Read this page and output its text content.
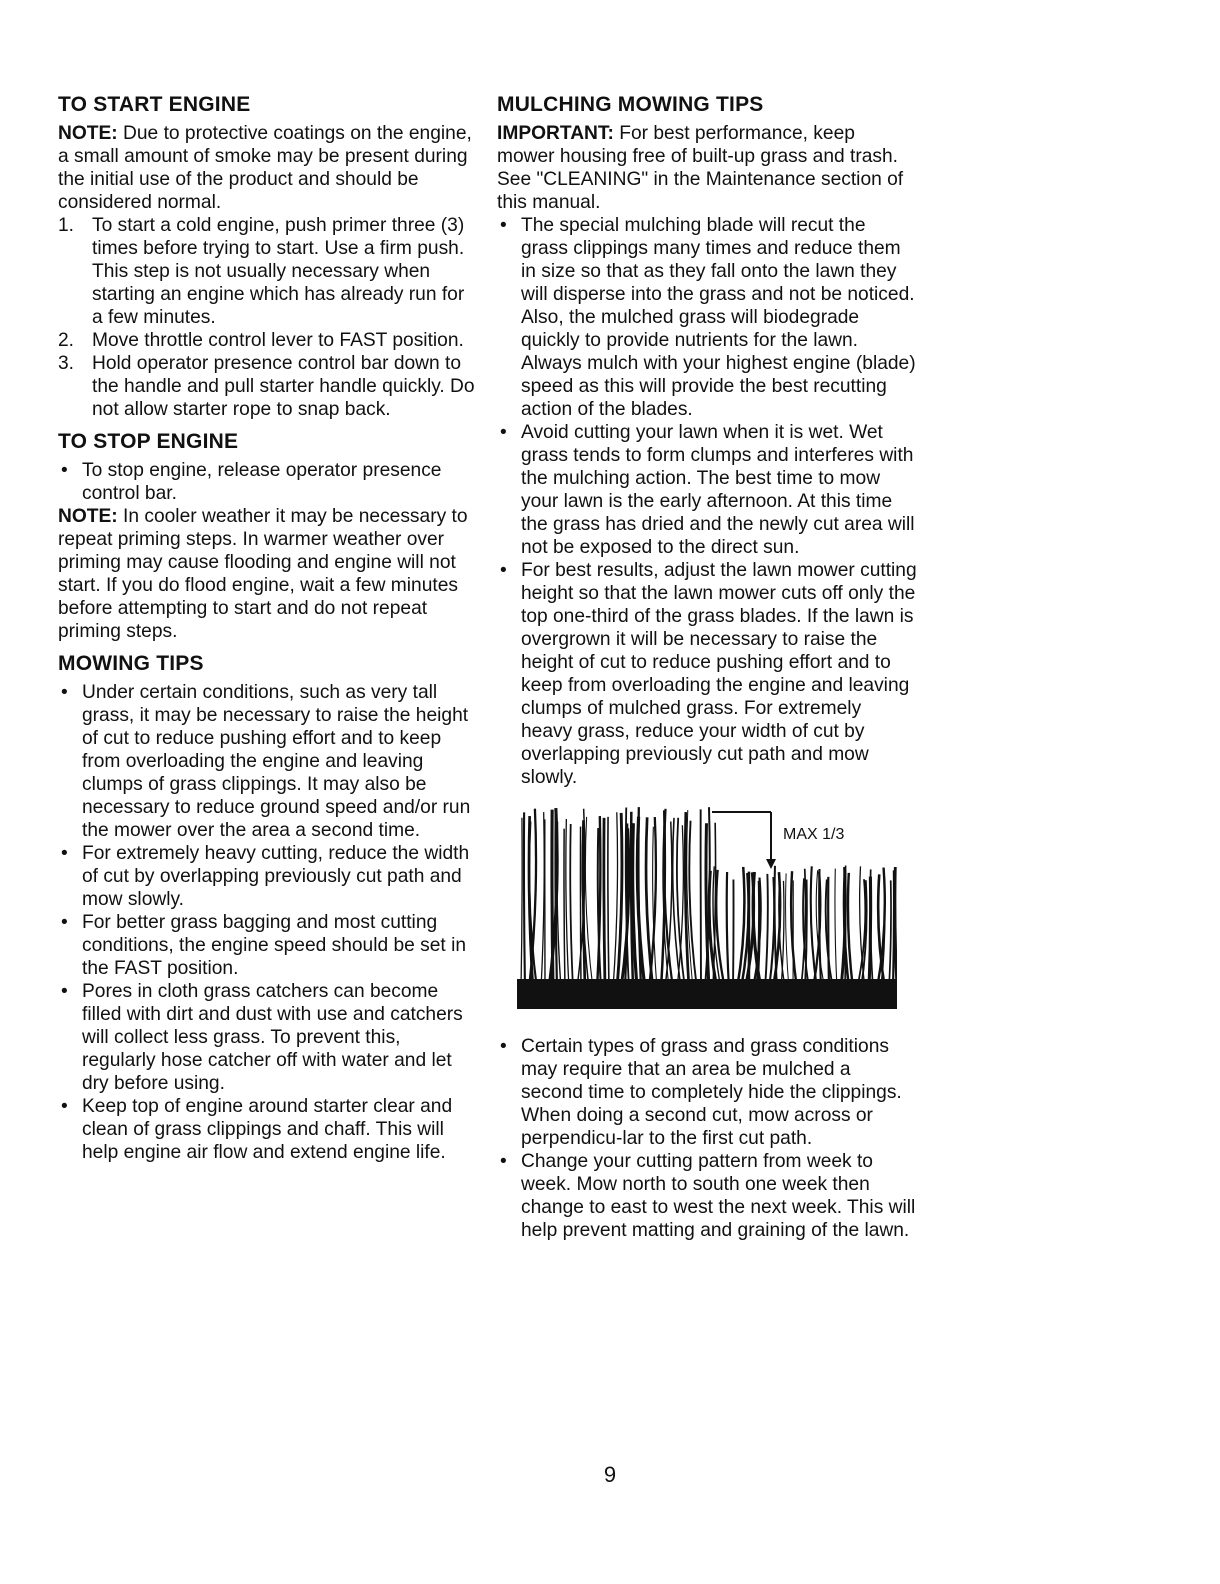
TO START ENGINE

NOTE: Due to protective coatings on the engine, a small amount of smoke may be present during the initial use of the product and should be considered normal.

1. To start a cold engine, push primer three (3) times before trying to start. Use a firm push. This step is not usually necessary when starting an engine which has already run for a few minutes.
2. Move throttle control lever to FAST position.
3. Hold operator presence control bar down to the handle and pull starter handle quickly. Do not allow starter rope to snap back.
TO STOP ENGINE
• To stop engine, release operator presence control bar.

NOTE: In cooler weather it may be necessary to repeat priming steps. In warmer weather over priming may cause flooding and engine will not start. If you do flood engine, wait a few minutes before attempting to start and do not repeat priming steps.

MOWING TIPS
• Under certain conditions, such as very tall grass, it may be necessary to raise the height of cut to reduce pushing effort and to keep from overloading the engine and leaving clumps of grass clippings. It may also be necessary to reduce ground speed and/or run the mower over the area a second time.
• For extremely heavy cutting, reduce the width of cut by overlapping previously cut path and mow slowly.
• For better grass bagging and most cutting conditions, the engine speed should be set in the FAST position.
• Pores in cloth grass catchers can become filled with dirt and dust with use and catchers will collect less grass. To prevent this, regularly hose catcher off with water and let dry before using.
• Keep top of engine around starter clear and clean of grass clippings and chaff. This will help engine air flow and extend engine life.
MULCHING MOWING TIPS

IMPORTANT: For best performance, keep mower housing free of built-up grass and trash. See "CLEANING" in the Maintenance section of this manual.

• The special mulching blade will recut the grass clippings many times and reduce them in size so that as they fall onto the lawn they will disperse into the grass and not be noticed. Also, the mulched grass will biodegrade quickly to provide nutrients for the lawn. Always mulch with your highest engine (blade) speed as this will provide the best recutting action of the blades.
• Avoid cutting your lawn when it is wet. Wet grass tends to form clumps and interferes with the mulching action. The best time to mow your lawn is the early afternoon. At this time the grass has dried and the newly cut area will not be exposed to the direct sun.
• For best results, adjust the lawn mower cutting height so that the lawn mower cuts off only the top one-third of the grass blades. If the lawn is overgrown it will be necessary to raise the height of cut to reduce pushing effort and to keep from overloading the engine and leaving clumps of mulched grass. For extremely heavy grass, reduce your width of cut by overlapping previously cut path and mow slowly.
MAX 1/3
• Certain types of grass and grass conditions may require that an area be mulched a second time to completely hide the clippings. When doing a second cut, mow across or perpendicu-lar to the first cut path.
• Change your cutting pattern from week to week. Mow north to south one week then change to east to west the next week. This will help prevent matting and graining of the lawn.
9
